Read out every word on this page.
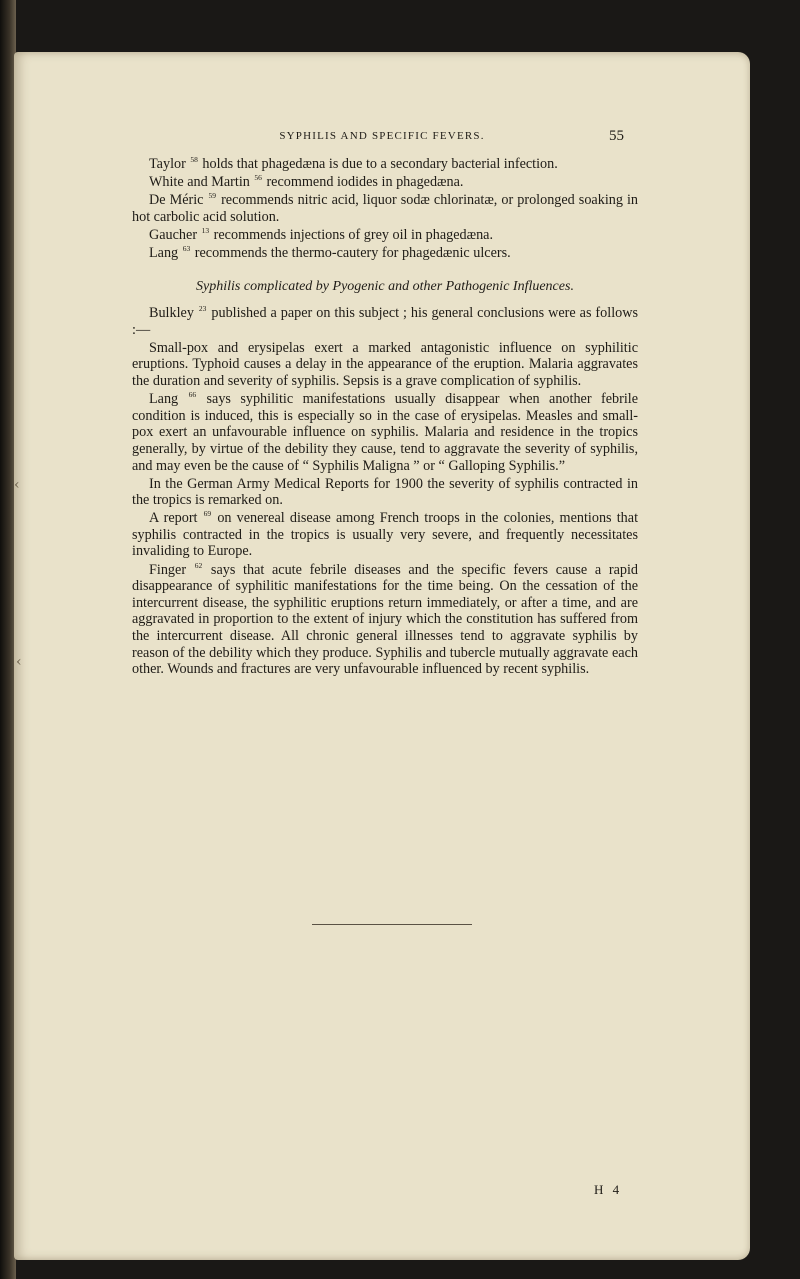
SYPHILIS AND SPECIFIC FEVERS.	55

Taylor $^{58}$ holds that phagedæna is due to a secondary bacterial infection.

White and Martin $^{56}$ recommend iodides in phagedæna.

De Méric $^{59}$ recommends nitric acid, liquor sodæ chlorinatæ, or prolonged soaking in hot carbolic acid solution.

Gaucher $^{13}$ recommends injections of grey oil in phagedæna.

Lang $^{63}$ recommends the thermo-cautery for phagedænic ulcers.

Syphilis complicated by Pyogenic and other Pathogenic Influences.

Bulkley $^{23}$ published a paper on this subject ; his general conclusions were as follows :—

Small-pox and erysipelas exert a marked antagonistic influence on syphilitic eruptions. Typhoid causes a delay in the appearance of the eruption. Malaria aggravates the duration and severity of syphilis. Sepsis is a grave complication of syphilis.

Lang $^{66}$ says syphilitic manifestations usually disappear when another febrile condition is induced, this is especially so in the case of erysipelas. Measles and small-pox exert an unfavourable influence on syphilis. Malaria and residence in the tropics generally, by virtue of the debility they cause, tend to aggravate the severity of syphilis, and may even be the cause of “ Syphilis Maligna ” or “ Galloping Syphilis.”

In the German Army Medical Reports for 1900 the severity of syphilis contracted in the tropics is remarked on.

A report $^{69}$ on venereal disease among French troops in the colonies, mentions that syphilis contracted in the tropics is usually very severe, and frequently necessitates invaliding to Europe.

Finger $^{62}$ says that acute febrile diseases and the specific fevers cause a rapid disappearance of syphilitic manifestations for the time being. On the cessation of the intercurrent disease, the syphilitic eruptions return immediately, or after a time, and are aggravated in proportion to the extent of injury which the constitution has suffered from the intercurrent disease. All chronic general illnesses tend to aggravate syphilis by reason of the debility which they produce. Syphilis and tubercle mutually aggravate each other. Wounds and fractures are very unfavourable influenced by recent syphilis.

H 4
‹
‹
